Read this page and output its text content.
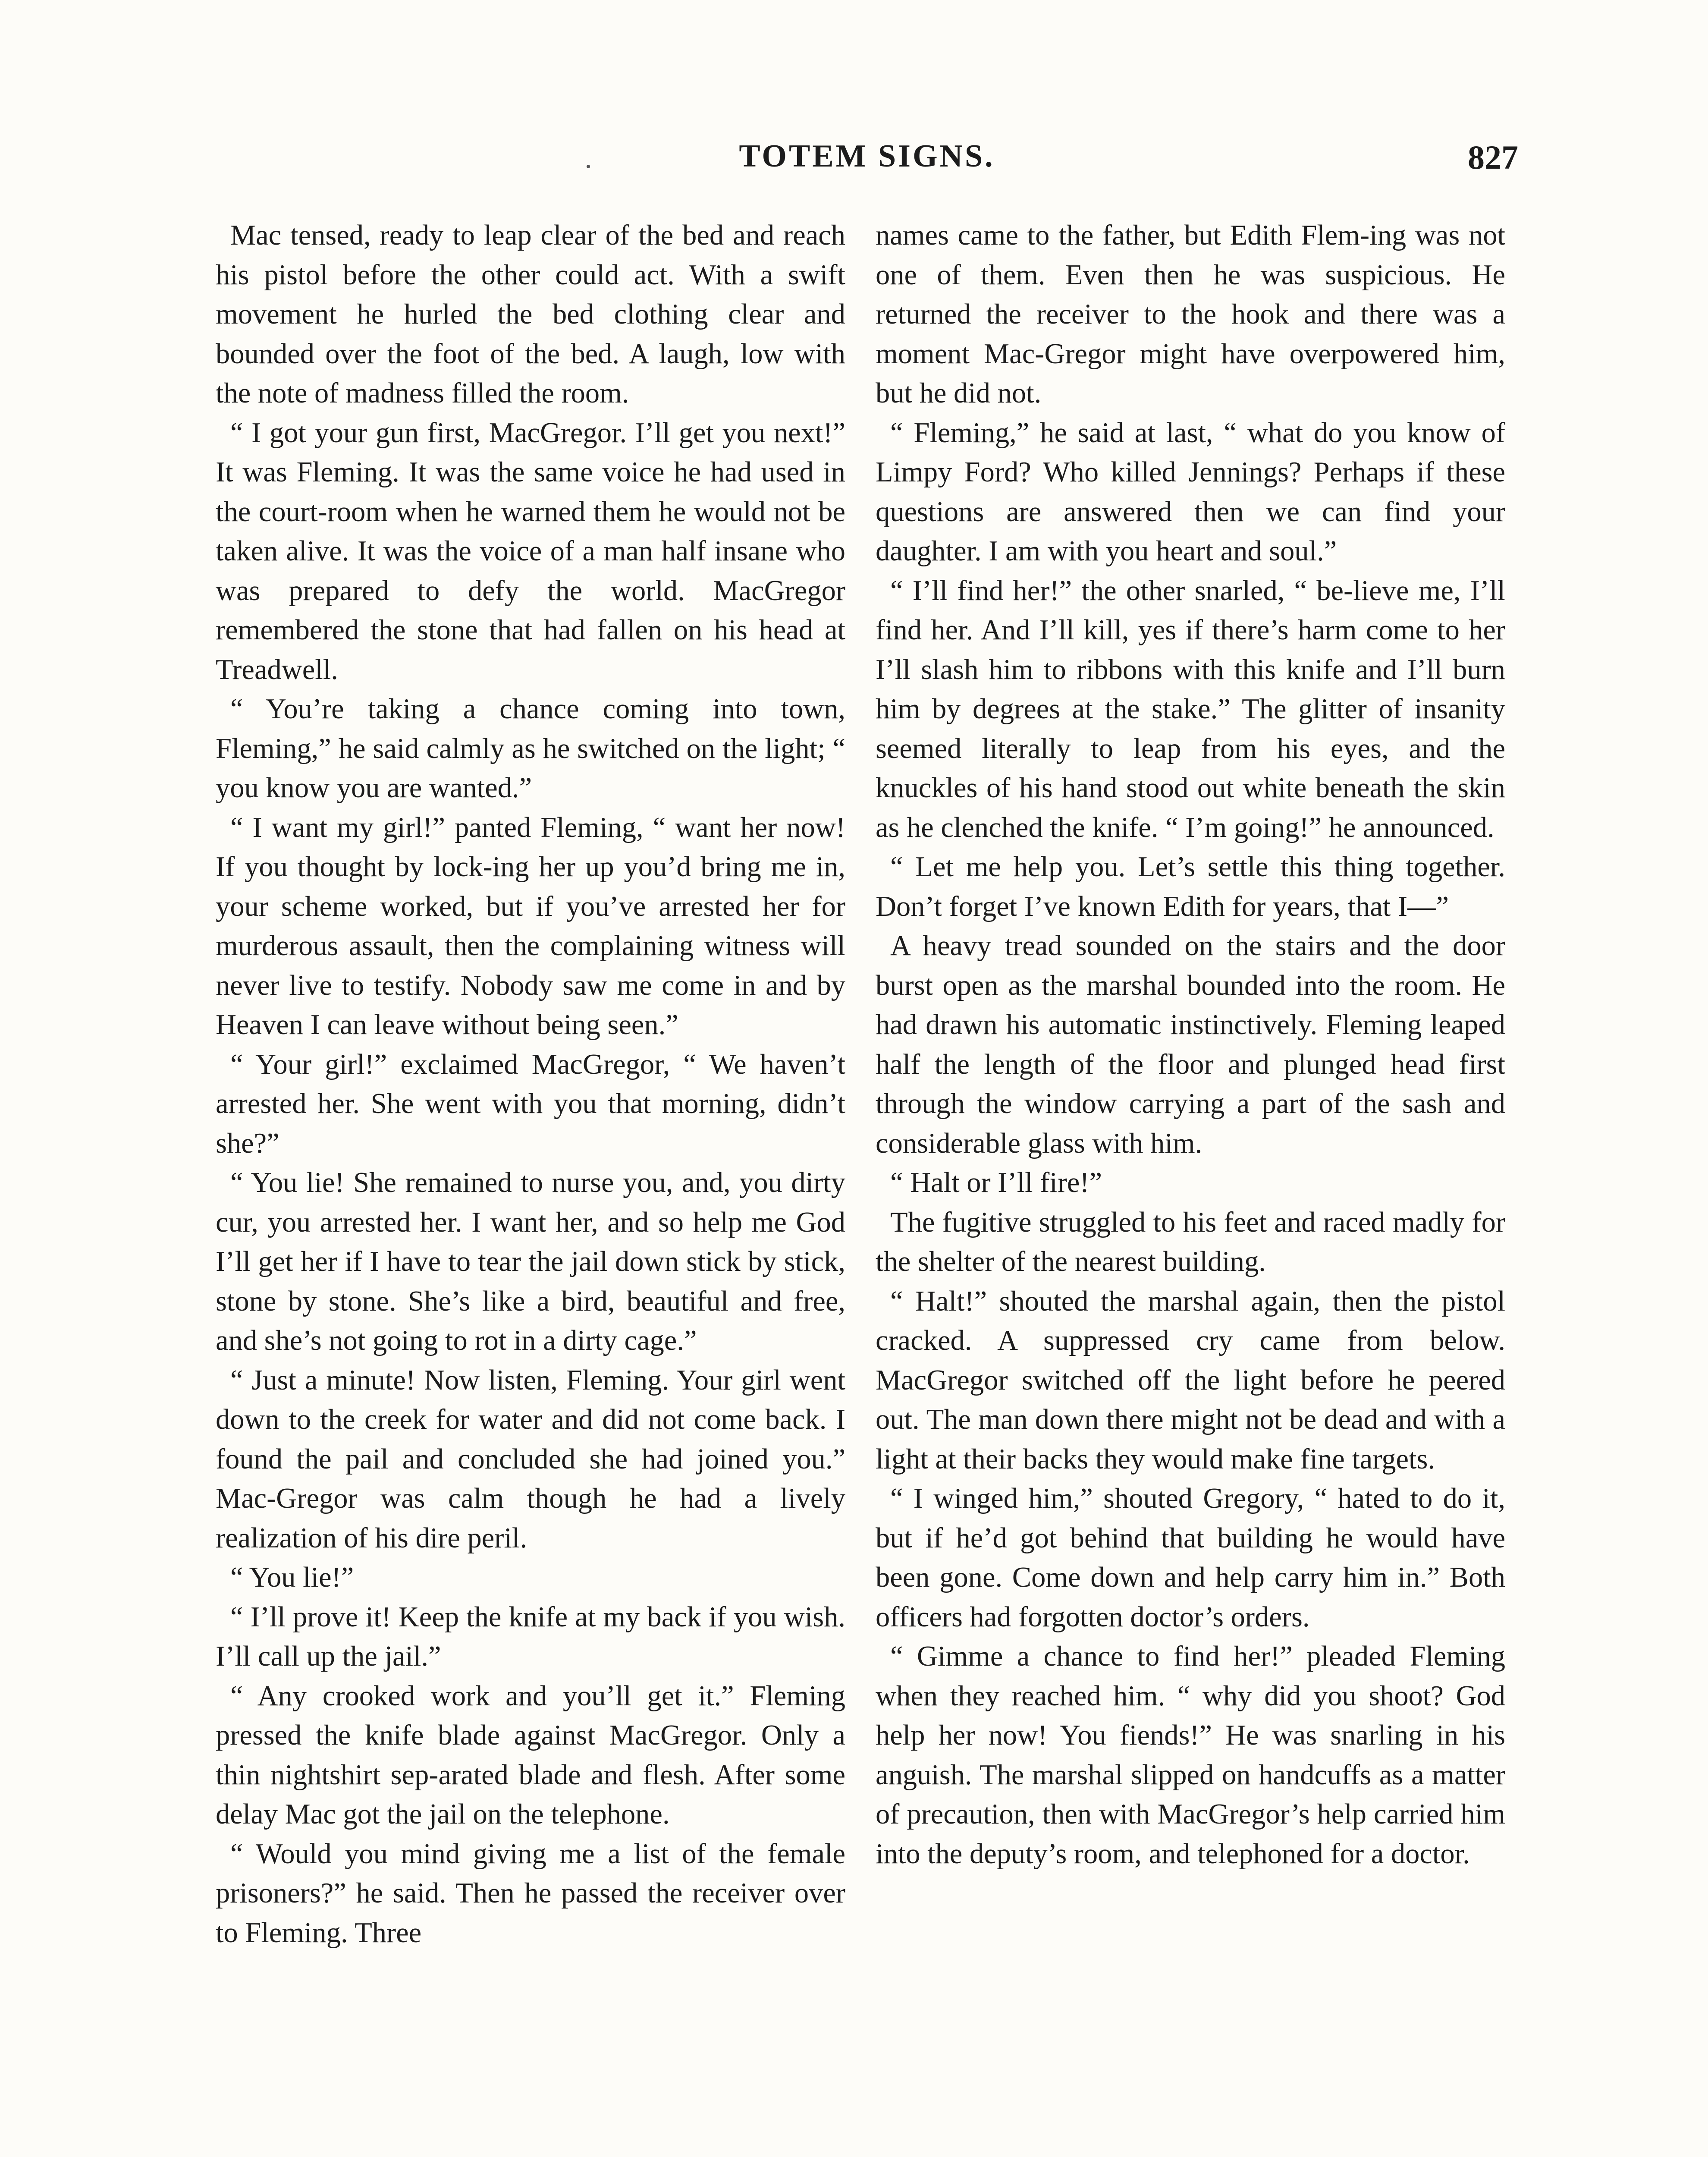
TOTEM SIGNS.	827

Mac tensed, ready to leap clear of the bed and reach his pistol before the other could act. With a swift movement he hurled the bed clothing clear and bounded over the foot of the bed. A laugh, low with the note of madness filled the room.

“ I got your gun first, MacGregor. I’ll get you next!” It was Fleming. It was the same voice he had used in the court-room when he warned them he would not be taken alive. It was the voice of a man half insane who was prepared to defy the world. MacGregor remembered the stone that had fallen on his head at Treadwell.

“ You’re taking a chance coming into town, Fleming,” he said calmly as he switched on the light; “ you know you are wanted.”

“ I want my girl!” panted Fleming, “ want her now! If you thought by lock-ing her up you’d bring me in, your scheme worked, but if you’ve arrested her for murderous assault, then the complaining witness will never live to testify. Nobody saw me come in and by Heaven I can leave without being seen.”

“ Your girl!” exclaimed MacGregor, “ We haven’t arrested her. She went with you that morning, didn’t she?”

“ You lie! She remained to nurse you, and, you dirty cur, you arrested her. I want her, and so help me God I’ll get her if I have to tear the jail down stick by stick, stone by stone. She’s like a bird, beautiful and free, and she’s not going to rot in a dirty cage.”

“ Just a minute! Now listen, Fleming. Your girl went down to the creek for water and did not come back. I found the pail and concluded she had joined you.” Mac-Gregor was calm though he had a lively realization of his dire peril.

“ You lie!”

“ I’ll prove it! Keep the knife at my back if you wish. I’ll call up the jail.”

“ Any crooked work and you’ll get it.” Fleming pressed the knife blade against MacGregor. Only a thin nightshirt sep-arated blade and flesh. After some delay Mac got the jail on the telephone.

“ Would you mind giving me a list of the female prisoners?” he said. Then he passed the receiver over to Fleming. Three

names came to the father, but Edith Flem-ing was not one of them. Even then he was suspicious. He returned the receiver to the hook and there was a moment Mac-Gregor might have overpowered him, but he did not.

“ Fleming,” he said at last, “ what do you know of Limpy Ford? Who killed Jennings? Perhaps if these questions are answered then we can find your daughter. I am with you heart and soul.”

“ I’ll find her!” the other snarled, “ be-lieve me, I’ll find her. And I’ll kill, yes if there’s harm come to her I’ll slash him to ribbons with this knife and I’ll burn him by degrees at the stake.” The glitter of insanity seemed literally to leap from his eyes, and the knuckles of his hand stood out white beneath the skin as he clenched the knife. “ I’m going!” he announced.

“ Let me help you. Let’s settle this thing together. Don’t forget I’ve known Edith for years, that I—”

A heavy tread sounded on the stairs and the door burst open as the marshal bounded into the room. He had drawn his automatic instinctively. Fleming leaped half the length of the floor and plunged head first through the window carrying a part of the sash and considerable glass with him.

“ Halt or I’ll fire!”

The fugitive struggled to his feet and raced madly for the shelter of the nearest building.

“ Halt!” shouted the marshal again, then the pistol cracked. A suppressed cry came from below. MacGregor switched off the light before he peered out. The man down there might not be dead and with a light at their backs they would make fine targets.

“ I winged him,” shouted Gregory, “ hated to do it, but if he’d got behind that building he would have been gone. Come down and help carry him in.” Both officers had forgotten doctor’s orders.

“ Gimme a chance to find her!” pleaded Fleming when they reached him. “ why did you shoot? God help her now! You fiends!” He was snarling in his anguish. The marshal slipped on handcuffs as a matter of precaution, then with MacGregor’s help carried him into the deputy’s room, and telephoned for a doctor.
